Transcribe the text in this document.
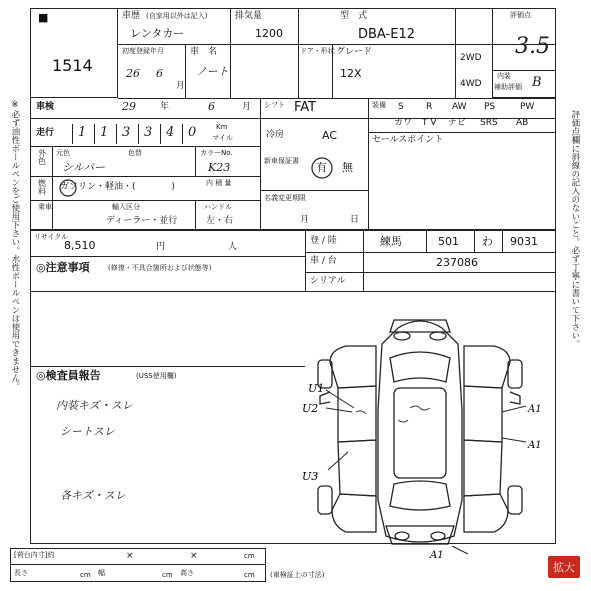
※必ず油性ボールペンをご使用下さい。水性ボールペンは使用できません。	評価点欄に斜線の記入のないこと。必ず丁寧に書いて下さい。
1514
■	車歴 (自家用以外は記入)
レンタカー
排気量
1200
型　式
DBA-E12
評価点
3.5
内装
補助評価 B
初度登録年月
26 6
月
車　名
ノート
ドア・形状 グレード
12X
2WD
4WD
車検	29	年	6	月 シフト FAT
冷房	AC
装備 S R AW PS	PW
カワ T V ナビ SRS AB
セールスポイント
走行 1 1 3 3 4 0	Km
マイル
外色
元色	色替
シルバー
カラーNo.
K23	新車保証書 有 無
燃料 ガソリン・軽油・(　　　　)	内 積 量
乗車	輸入区分
ディーラー・並行
ハンドル
左・右
名義変更期限
月	日
リサイクル
8,510	円	人
登 / 陸	練馬	501 わ 9031
車 / 台	237086
シリアル
◎注意事項	(修復・不具合箇所および状態等)
◎検査員報告	(USS使用欄)
内装キズ・スレ
シートスレ
各キズ・スレ
U1
U2
U3
A1
A1
A1
[荷台内寸]約	×	×	cm
長さ	cm 幅	cm 高さ	cm (車検証上の寸法)
拡大
